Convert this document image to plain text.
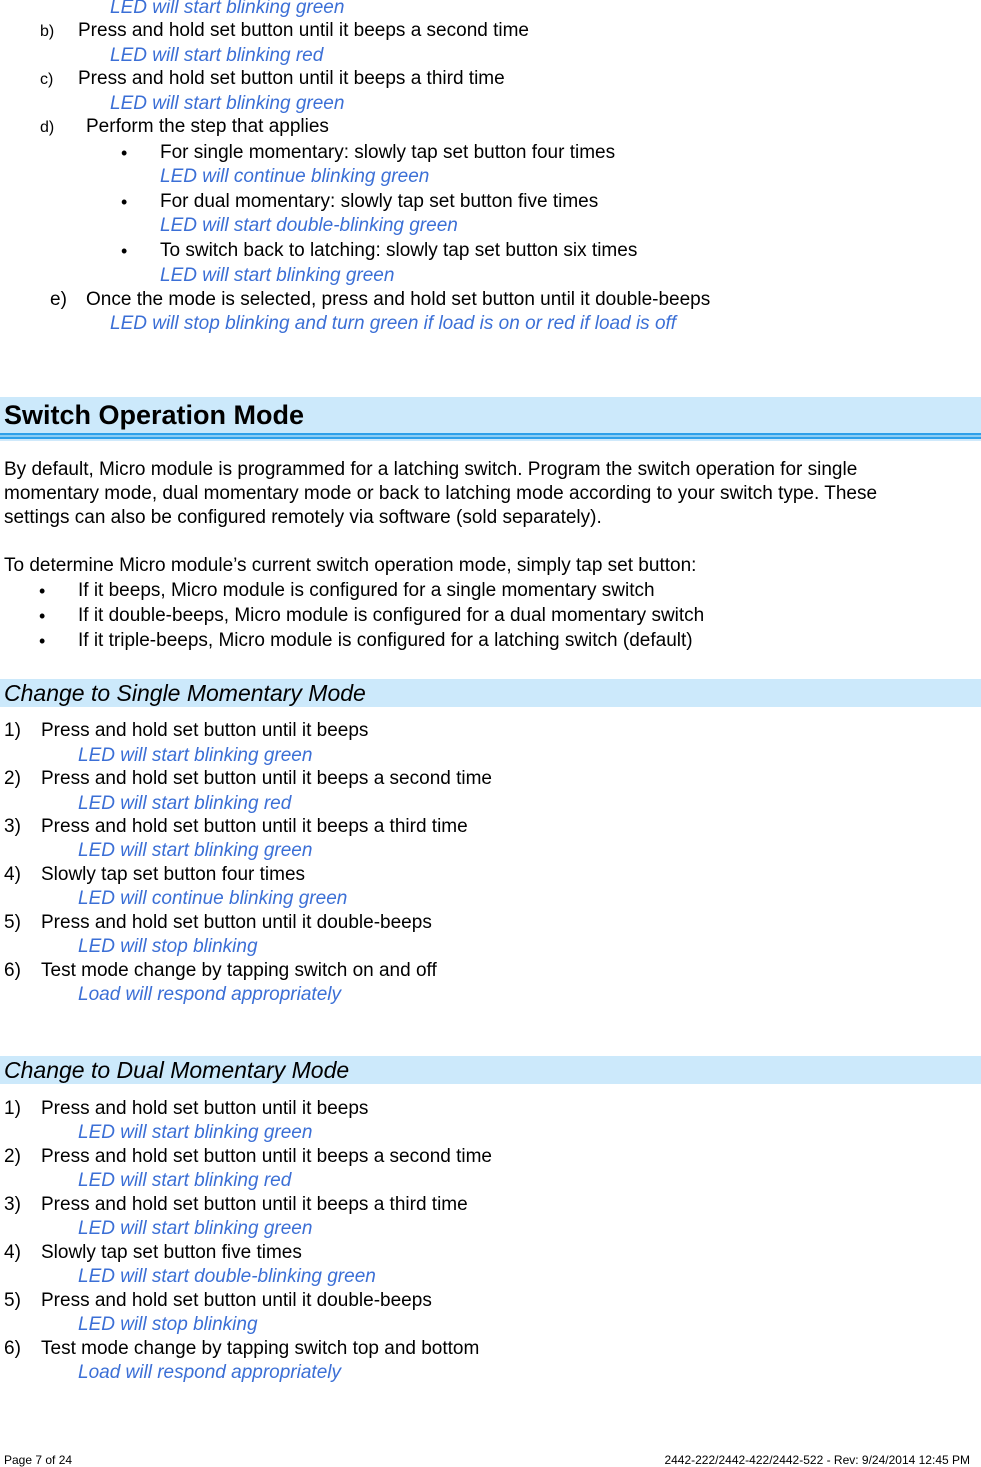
LED will start blinking green
b) Press and hold set button until it beeps a second time
LED will start blinking red
c) Press and hold set button until it beeps a third time
LED will start blinking green
d) Perform the step that applies
• For single momentary: slowly tap set button four times
LED will continue blinking green
• For dual momentary: slowly tap set button five times
LED will start double-blinking green
• To switch back to latching: slowly tap set button six times
LED will start blinking green
e) Once the mode is selected, press and hold set button until it double-beeps
LED will stop blinking and turn green if load is on or red if load is off
Switch Operation Mode
By default, Micro module is programmed for a latching switch. Program the switch operation for single
momentary mode, dual momentary mode or back to latching mode according to your switch type. These
settings can also be configured remotely via software (sold separately).
To determine Micro module’s current switch operation mode, simply tap set button:
• If it beeps, Micro module is configured for a single momentary switch
• If it double-beeps, Micro module is configured for a dual momentary switch
• If it triple-beeps, Micro module is configured for a latching switch (default)
Change to Single Momentary Mode
1) Press and hold set button until it beeps
LED will start blinking green
2) Press and hold set button until it beeps a second time
LED will start blinking red
3) Press and hold set button until it beeps a third time
LED will start blinking green
4) Slowly tap set button four times
LED will continue blinking green
5) Press and hold set button until it double-beeps
LED will stop blinking
6) Test mode change by tapping switch on and off
Load will respond appropriately
Change to Dual Momentary Mode
1) Press and hold set button until it beeps
LED will start blinking green
2) Press and hold set button until it beeps a second time
LED will start blinking red
3) Press and hold set button until it beeps a third time
LED will start blinking green
4) Slowly tap set button five times
LED will start double-blinking green
5) Press and hold set button until it double-beeps
LED will stop blinking
6) Test mode change by tapping switch top and bottom
Load will respond appropriately
Page 7 of 24	2442-222/2442-422/2442-522 - Rev: 9/24/2014 12:45 PM
